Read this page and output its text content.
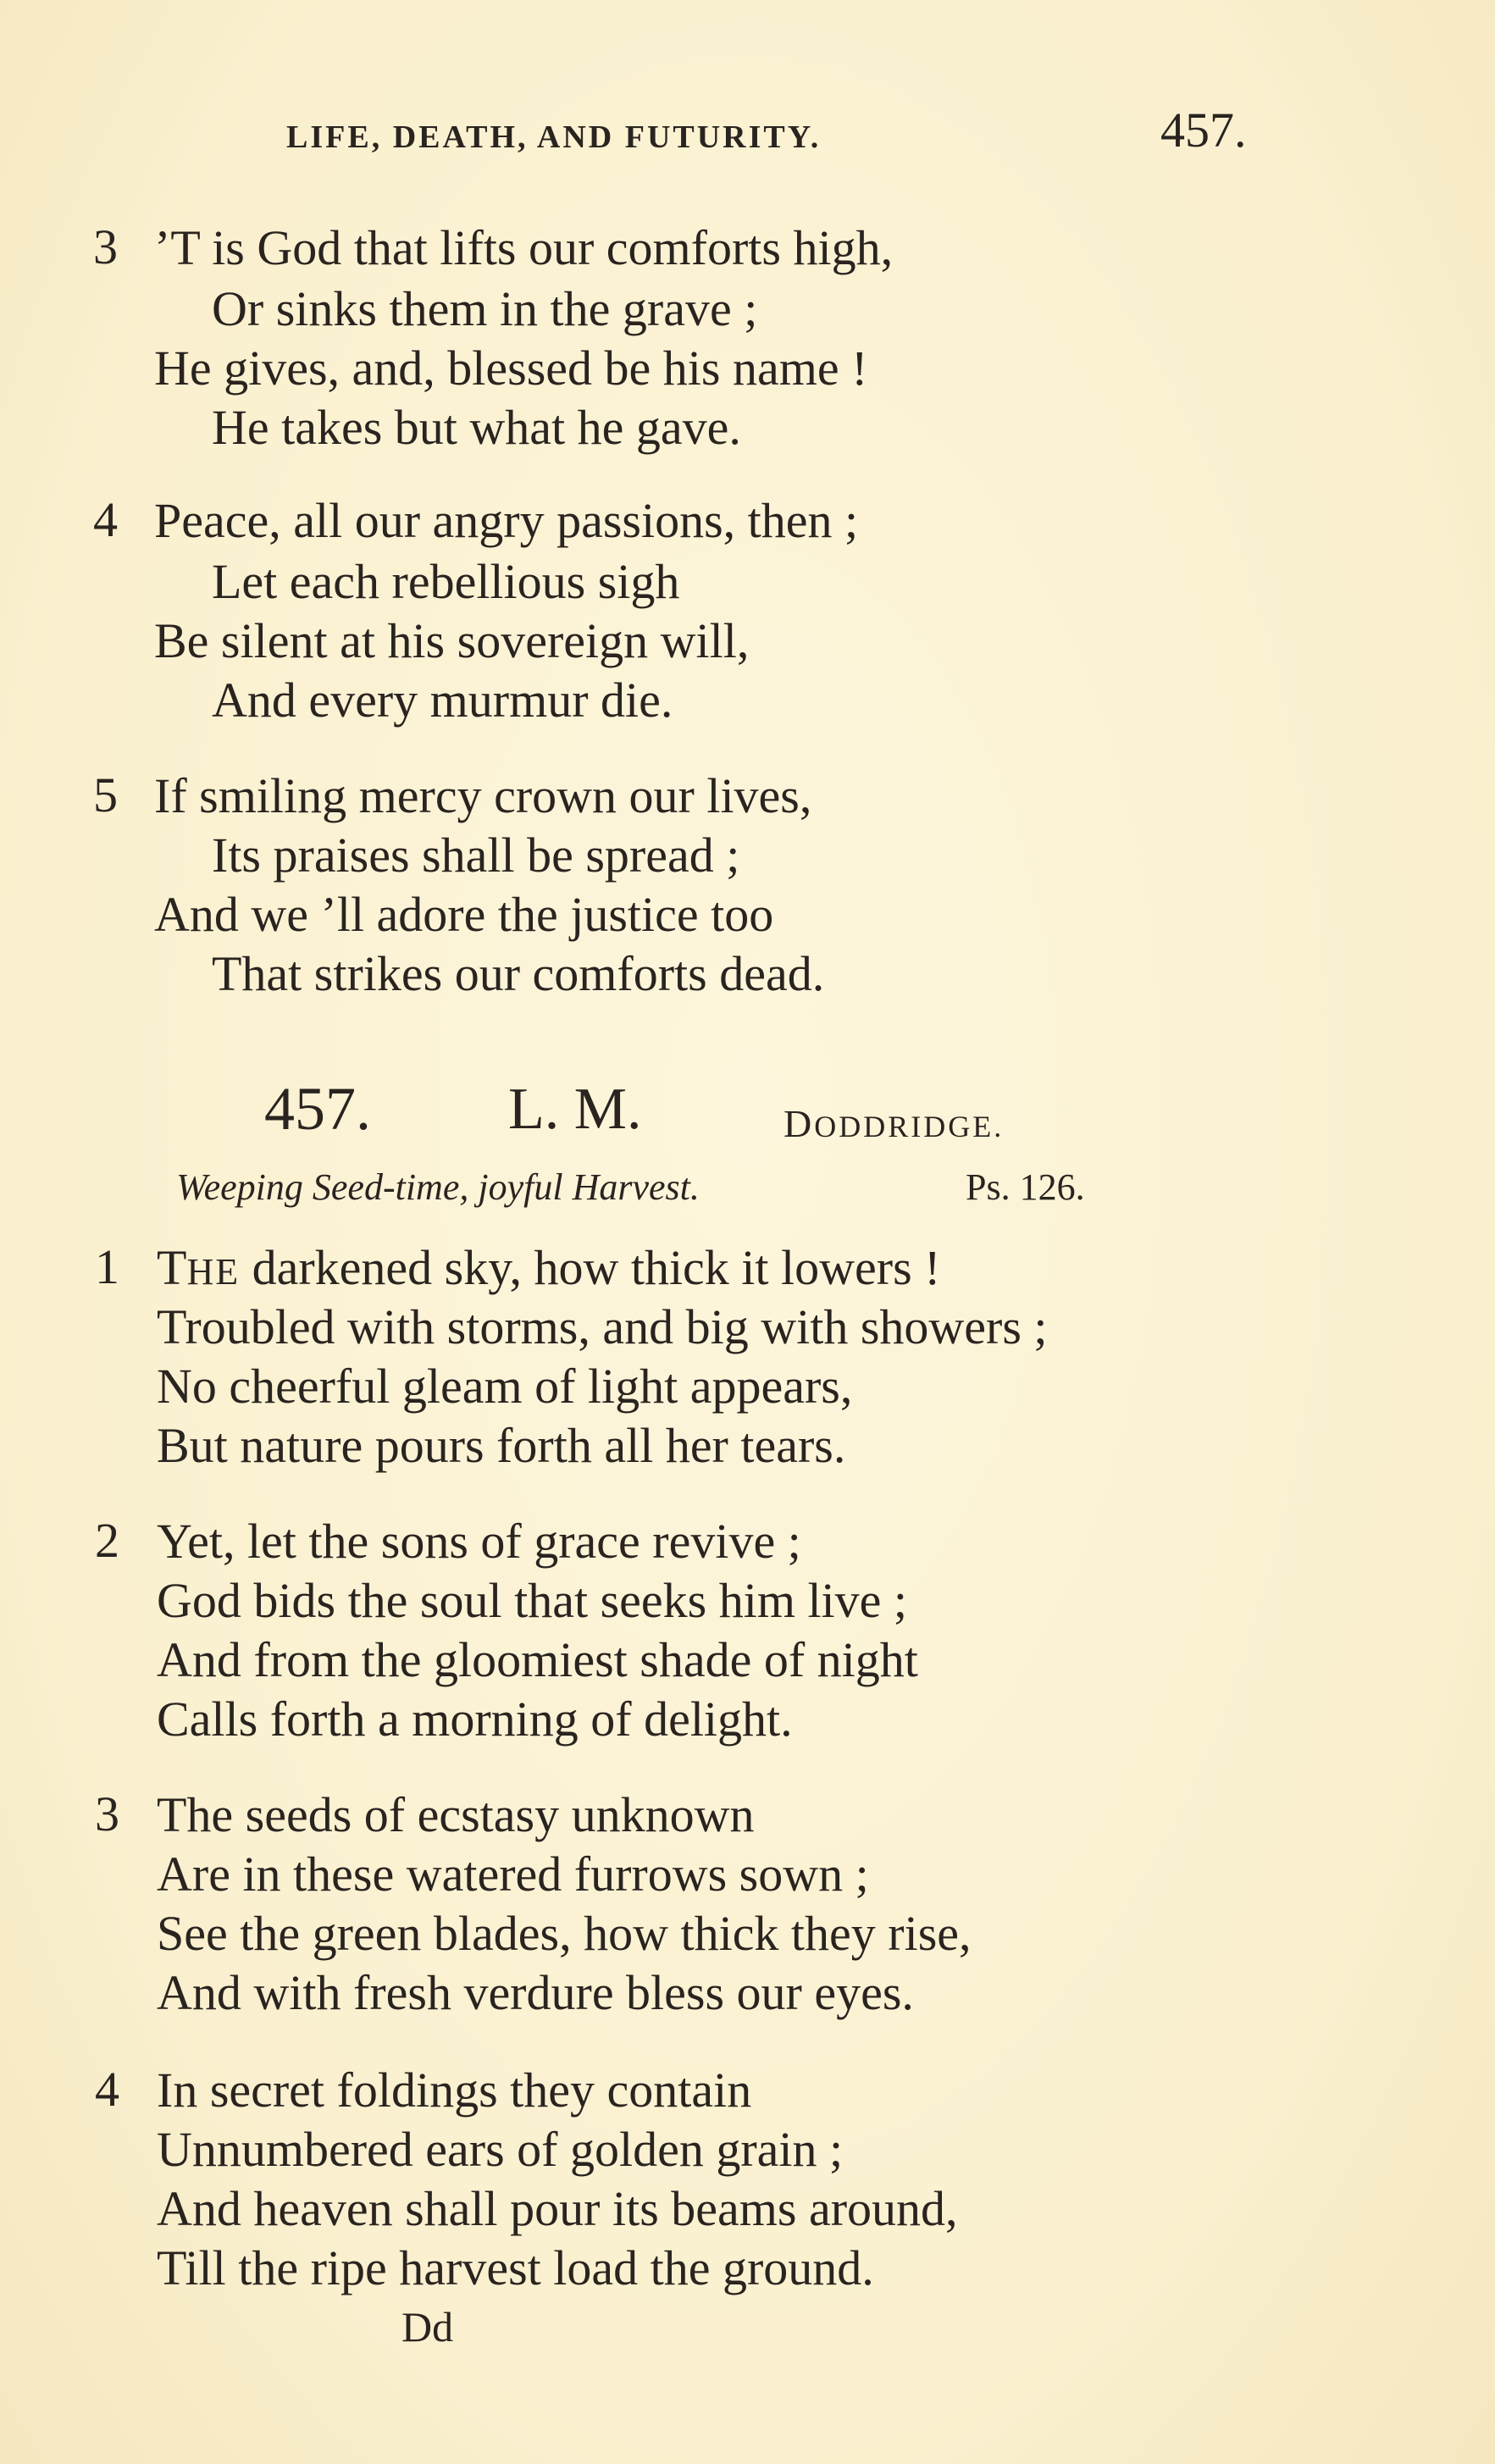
LIFE, DEATH, AND FUTURITY.	457.
3 ’T is God that lifts our comforts high,
Or sinks them in the grave ;
He gives, and, blessed be his name !
He takes but what he gave.
4 Peace, all our angry passions, then ;
Let each rebellious sigh
Be silent at his sovereign will,
And every murmur die.
5 If smiling mercy crown our lives,
Its praises shall be spread ;
And we ’ll adore the justice too
That strikes our comforts dead.
457. L. M.	DODDRIDGE.
Weeping Seed-time, joyful Harvest.	Ps. 126.
1 THE darkened sky, how thick it lowers !
Troubled with storms, and big with showers ;
No cheerful gleam of light appears,
But nature pours forth all her tears.
2 Yet, let the sons of grace revive ;
God bids the soul that seeks him live ;
And from the gloomiest shade of night
Calls forth a morning of delight.
3 The seeds of ecstasy unknown
Are in these watered furrows sown ;
See the green blades, how thick they rise,
And with fresh verdure bless our eyes.
4 In secret foldings they contain
Unnumbered ears of golden grain ;
And heaven shall pour its beams around,
Till the ripe harvest load the ground.
Dd
